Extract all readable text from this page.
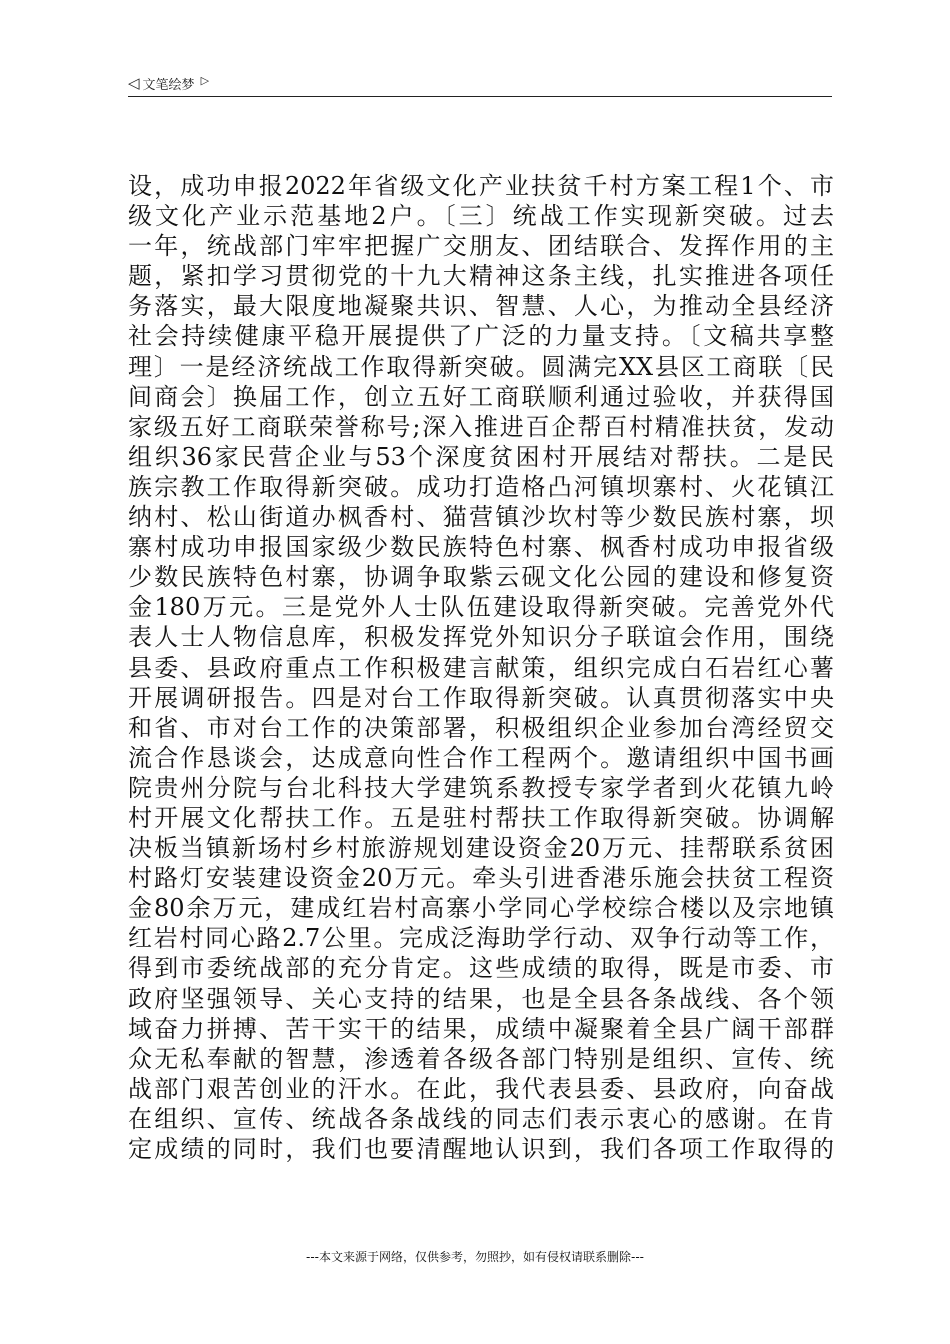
◁ 文笔绘梦 ▷
设，成功申报2022年省级文化产业扶贫千村方案工程1个、市
级文化产业示范基地2户。〔三〕统战工作实现新突破。过去
一年，统战部门牢牢把握广交朋友、团结联合、发挥作用的主
题，紧扣学习贯彻党的十九大精神这条主线，扎实推进各项任
务落实，最大限度地凝聚共识、智慧、人心，为推动全县经济
社会持续健康平稳开展提供了广泛的力量支持。〔文稿共享整
理〕一是经济统战工作取得新突破。圆满完XX县区工商联〔民
间商会〕换届工作，创立五好工商联顺利通过验收，并获得国
家级五好工商联荣誉称号;深入推进百企帮百村精准扶贫，发动
组织36家民营企业与53个深度贫困村开展结对帮扶。二是民
族宗教工作取得新突破。成功打造格凸河镇坝寨村、火花镇江
纳村、松山街道办枫香村、猫营镇沙坎村等少数民族村寨，坝
寨村成功申报国家级少数民族特色村寨、枫香村成功申报省级
少数民族特色村寨，协调争取紫云砚文化公园的建设和修复资
金180万元。三是党外人士队伍建设取得新突破。完善党外代
表人士人物信息库，积极发挥党外知识分子联谊会作用，围绕
县委、县政府重点工作积极建言献策，组织完成白石岩红心薯
开展调研报告。四是对台工作取得新突破。认真贯彻落实中央
和省、市对台工作的决策部署，积极组织企业参加台湾经贸交
流合作恳谈会，达成意向性合作工程两个。邀请组织中国书画
院贵州分院与台北科技大学建筑系教授专家学者到火花镇九岭
村开展文化帮扶工作。五是驻村帮扶工作取得新突破。协调解
决板当镇新场村乡村旅游规划建设资金20万元、挂帮联系贫困
村路灯安装建设资金20万元。牵头引进香港乐施会扶贫工程资
金80余万元，建成红岩村高寨小学同心学校综合楼以及宗地镇
红岩村同心路2.7公里。完成泛海助学行动、双争行动等工作，
得到市委统战部的充分肯定。这些成绩的取得，既是市委、市
政府坚强领导、关心支持的结果，也是全县各条战线、各个领
域奋力拼搏、苦干实干的结果，成绩中凝聚着全县广阔干部群
众无私奉献的智慧，渗透着各级各部门特别是组织、宣传、统
战部门艰苦创业的汗水。在此，我代表县委、县政府，向奋战
在组织、宣传、统战各条战线的同志们表示衷心的感谢。在肯
定成绩的同时，我们也要清醒地认识到，我们各项工作取得的
---本文来源于网络，仅供参考，勿照抄，如有侵权请联系删除---
